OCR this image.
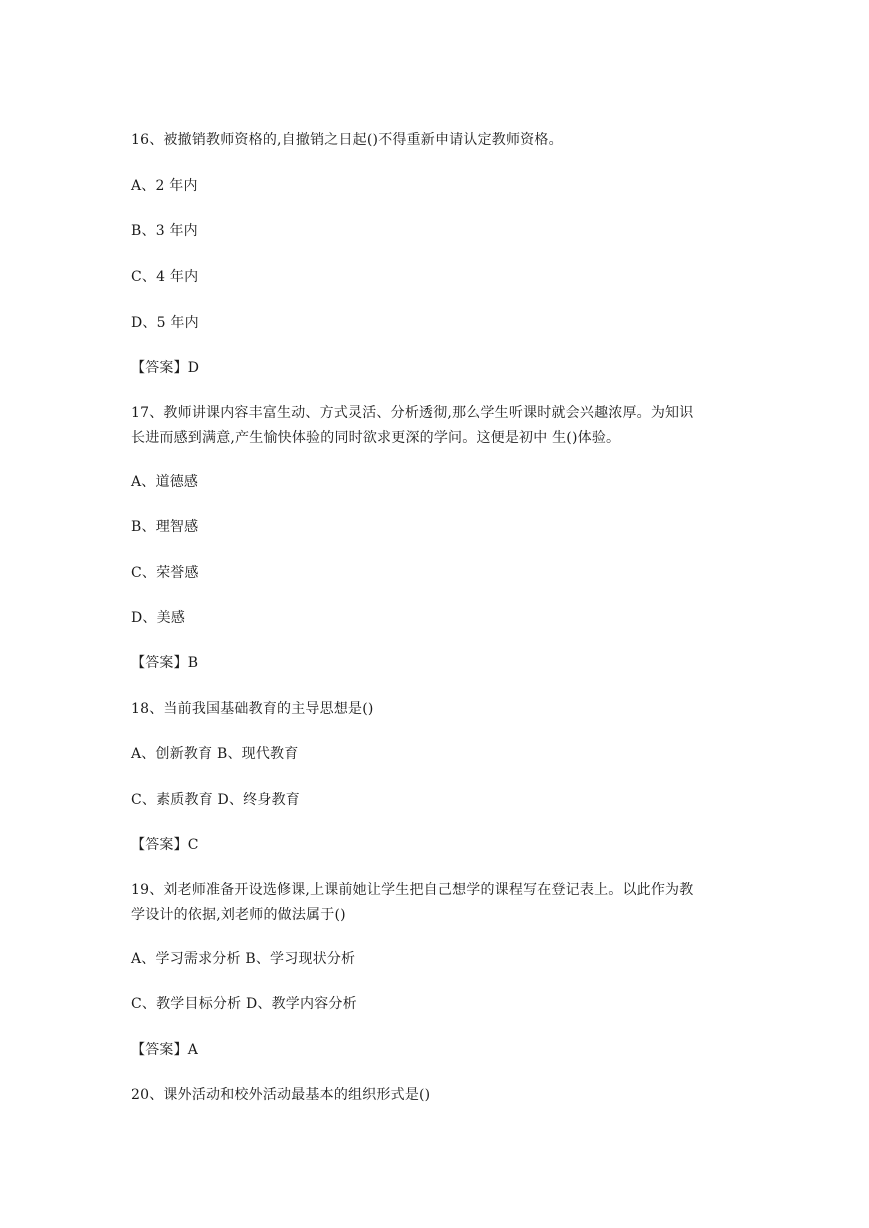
16、被撤销教师资格的,自撤销之日起()不得重新申请认定教师资格。
A、2 年内
B、3 年内
C、4 年内
D、5 年内
【答案】D
17、教师讲课内容丰富生动、方式灵活、分析透彻,那么学生听课时就会兴趣浓厚。为知识
长进而感到满意,产生愉快体验的同时欲求更深的学问。这便是初中 生()体验。
A、道德感
B、理智感
C、荣誉感
D、美感
【答案】B
18、当前我国基础教育的主导思想是()
A、创新教育 B、现代教育
C、素质教育 D、终身教育
【答案】C
19、刘老师准备开设选修课,上课前她让学生把自己想学的课程写在登记表上。以此作为教
学设计的依据,刘老师的做法属于()
A、学习需求分析 B、学习现状分析
C、教学目标分析 D、教学内容分析
【答案】A
20、课外活动和校外活动最基本的组织形式是()
